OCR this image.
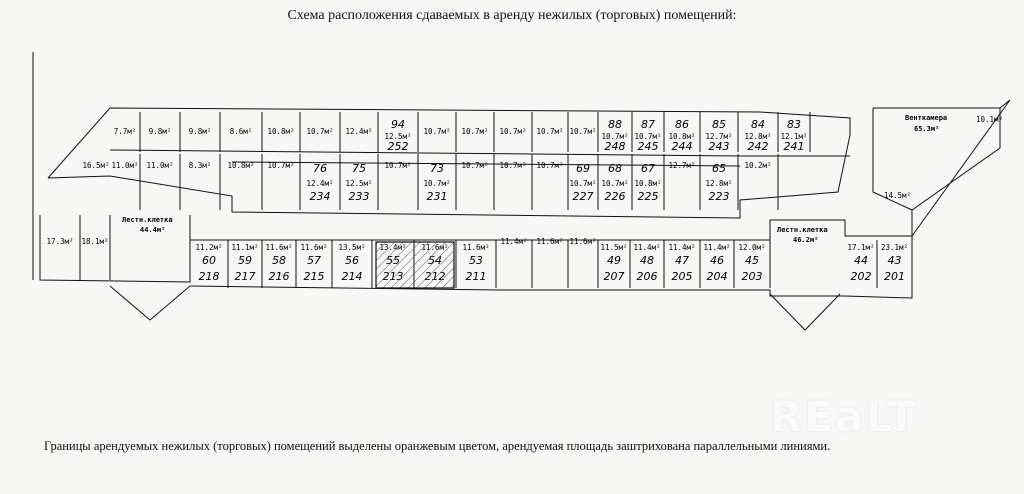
Схема расположения сдаваемых в аренду нежилых (торговых) помещений:
7.7м² 9.8м² 9.8м² 8.6м² 10.8м² 10.7м² 12.4м²
94
12.5м²
252
10.7м² 10.7м² 10.7м² 10.7м² 10.7м²
88
10.7м²
248
87
10.7м²
245
86
10.8м²
244
85
12.7м²
243
84
12.8м²
242
83
12.1м²
241
16.5м² 11.0м² 11.0м² 8.3м² 10.8м² 10.7м² 76
12.4м²
234
75
12.5м²
233
10.7м² 73
10.7м²
231
10.7м² 10.7м² 10.7м² 69
10.7м²
227
68
10.7м²
226
67
10.8м²
225
12.7м² 65
12.8м²
223
10.2м²
17.3м² 18.1м²
11.2м²
60
218
11.1м²
59
217
11.6м²
58
216
11.6м²
57
215
13.5м²
56
214
11.6м²
53
211
11.4м² 11.6м² 11.6м²
11.5м²
49
207
11.4м²
48
206
11.4м²
47
205
11.4м²
46
204
12.0м²
45
203
17.1м²
44
202
23.1м²
43
201
Лестн.клетка
44.4м²	Лестн.клетка
46.2м²
Венткамера
65.3м²
10.1м²
14.5м²
REaLT
Границы арендуемых нежилых (торговых) помещений выделены оранжевым цветом, арендуемая площадь заштрихована параллельными линиями.
